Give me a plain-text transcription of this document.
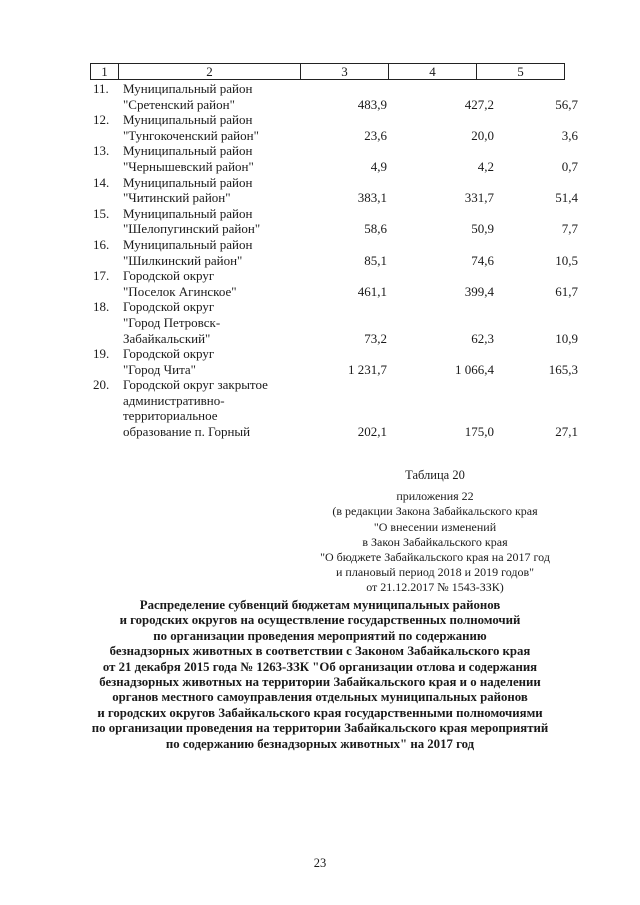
1	2	3	4	5
11. Муниципальный район
"Сретенский район"	483,9	427,2	56,7
12. Муниципальный район
"Тунгокоченский район"	23,6	20,0	3,6
13. Муниципальный район
"Чернышевский район"	4,9	4,2	0,7
14. Муниципальный район
"Читинский район"	383,1	331,7	51,4
15. Муниципальный район
"Шелопугинский район"	58,6	50,9	7,7
16. Муниципальный район
"Шилкинский район"	85,1	74,6	10,5
17. Городской округ
"Поселок Агинское"	461,1	399,4	61,7
18. Городской округ
"Город Петровск-
Забайкальский"	73,2	62,3	10,9
19. Городской округ
"Город Чита"	1 231,7	1 066,4	165,3
20. Городской округ закрытое
административно-
территориальное
образование п. Горный	202,1	175,0	27,1
Таблица 20
приложения 22
(в редакции Закона Забайкальского края
"О внесении изменений
в Закон Забайкальского края
"О бюджете Забайкальского края на 2017 год
и плановый период 2018 и 2019 годов"
от 21.12.2017 № 1543-ЗЗК)
Распределение субвенций бюджетам муниципальных районов
и городских округов на осуществление государственных полномочий
по организации проведения мероприятий по содержанию
безнадзорных животных в соответствии с Законом Забайкальского края
от 21 декабря 2015 года № 1263-ЗЗК "Об организации отлова и содержания
безнадзорных животных на территории Забайкальского края и о наделении
органов местного самоуправления отдельных муниципальных районов
и городских округов Забайкальского края государственными полномочиями
по организации проведения на территории Забайкальского края мероприятий
по содержанию безнадзорных животных" на 2017 год
23
